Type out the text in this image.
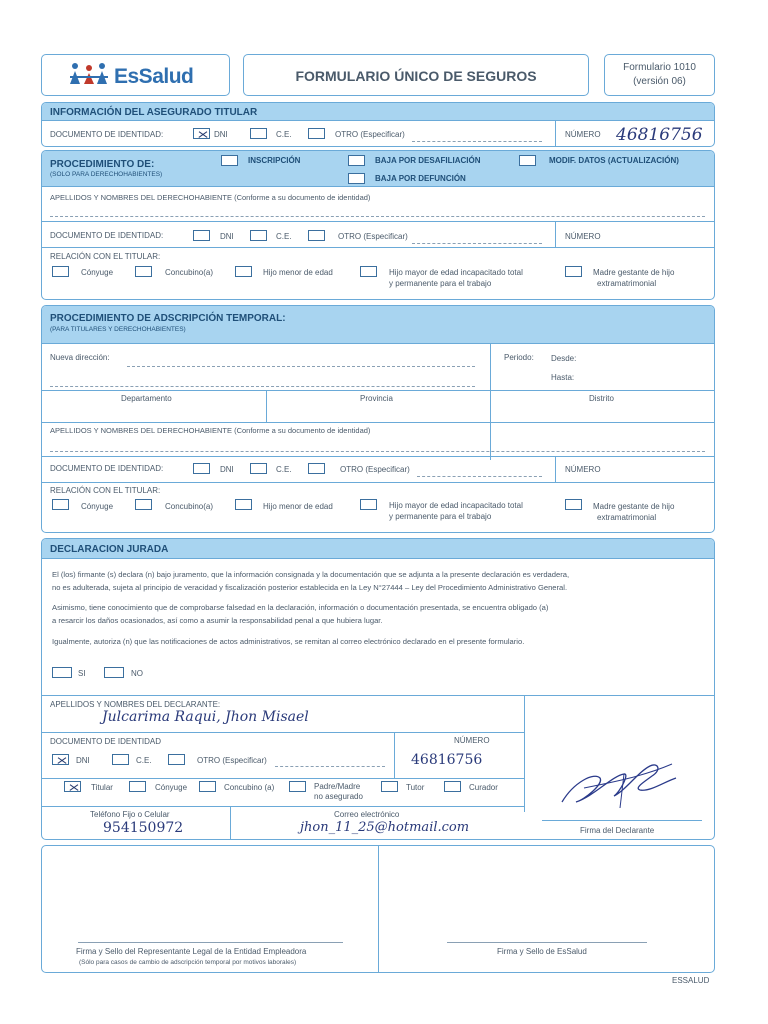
EsSalud	FORMULARIO ÚNICO DE SEGUROS
Formulario 1010
(versión 06)
INFORMACIÓN DEL ASEGURADO TITULAR
DOCUMENTO DE IDENTIDAD:	DNI	C.E.	OTRO (Especificar)	NÚMERO 46816756
PROCEDIMIENTO DE:
(SOLO PARA DERECHOHABIENTES)
INSCRIPCIÓN	BAJA POR DESAFILIACIÓN
BAJA POR DEFUNCIÓN
MODIF. DATOS (ACTUALIZACIÓN)
APELLIDOS Y NOMBRES DEL DERECHOHABIENTE (Conforme a su documento de identidad)
DOCUMENTO DE IDENTIDAD:	DNI	C.E.	OTRO (Especificar)	NÚMERO
RELACIÓN CON EL TITULAR:
Cónyuge	Concubino(a)	Hijo menor de edad	Hijo mayor de edad incapacitado total
y permanente para el trabajo
Madre gestante de hijo
extramatrimonial
PROCEDIMIENTO DE ADSCRIPCIÓN TEMPORAL:
(PARA TITULARES Y DERECHOHABIENTES)
Nueva dirección:	Periodo: Desde:
Hasta:
Departamento	Provincia	Distrito
APELLIDOS Y NOMBRES DEL DERECHOHABIENTE (Conforme a su documento de identidad)
DOCUMENTO DE IDENTIDAD:	DNI	C.E.	OTRO (Especificar)	NÚMERO
RELACIÓN CON EL TITULAR:
Cónyuge	Concubino(a)	Hijo menor de edad	Hijo mayor de edad incapacitado total
y permanente para el trabajo
Madre gestante de hijo
extramatrimonial
DECLARACION JURADA
El (los) firmante (s) declara (n) bajo juramento, que la información consignada y la documentación que se adjunta a la presente declaración es verdadera,
no es adulterada, sujeta al principio de veracidad y fiscalización posterior establecida en la Ley N°27444 – Ley del Procedimiento Administrativo General.
Asimismo, tiene conocimiento que de comprobarse falsedad en la declaración, información o documentación presentada, se encuentra obligado (a)
a resarcir los daños ocasionados, así como a asumir la responsabilidad penal a que hubiera lugar.
Igualmente, autoriza (n) que las notificaciones de actos administrativos, se remitan al correo electrónico declarado en el presente formulario.
SI	NO
APELLIDOS Y NOMBRES DEL DECLARANTE:
Julcarima Raqui, Jhon Misael
DOCUMENTO DE IDENTIDAD	NÚMERO
46816756
DNI	C.E.	OTRO (Especificar)
Titular	Cónyuge	Concubino (a)	Padre/Madre
no asegurado
Tutor	Curador
Teléfono Fijo o Celular
954150972
Correo electrónico
jhon_11_25@hotmail.com	Firma del Declarante
Firma y Sello del Representante Legal de la Entidad Empleadora
(Sólo para casos de cambio de adscripción temporal por motivos laborales)
Firma y Sello de EsSalud
ESSALUD
